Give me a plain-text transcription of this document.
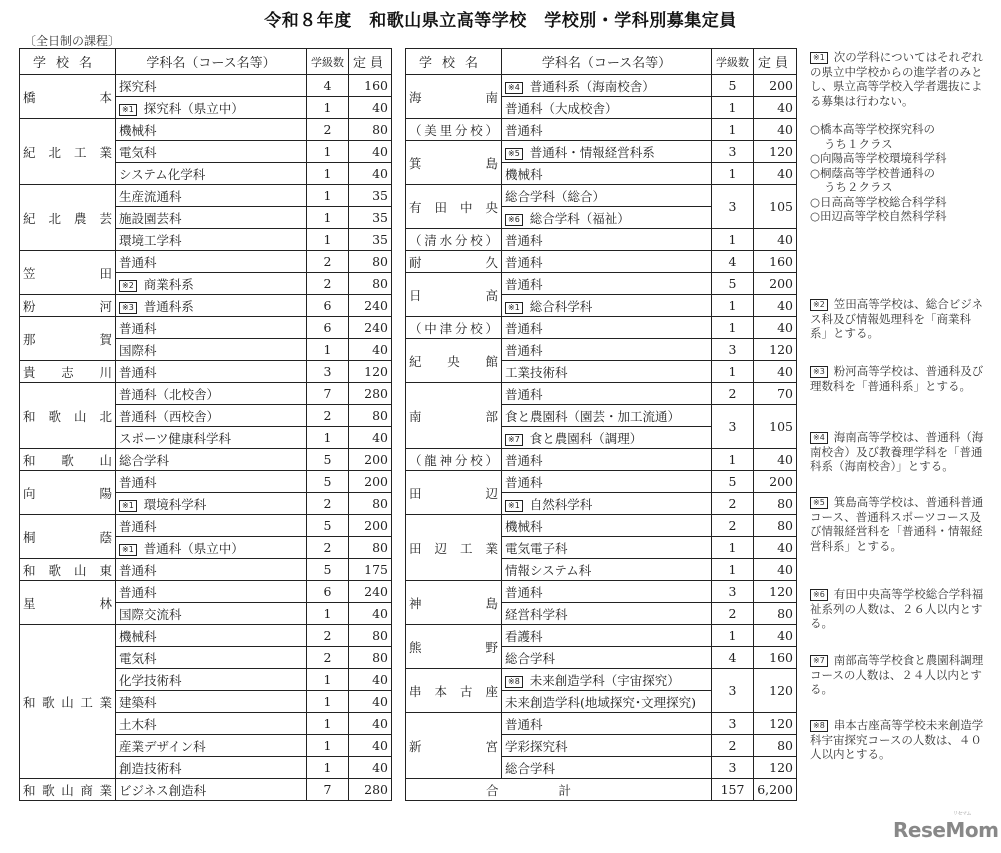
令和８年度　和歌山県立高等学校　学校別・学科別募集定員
〔全日制の課程〕
学校名	学科名（コース名等）	学級数	定員
橋本	探究科	4	160
	※1 探究科（県立中）	1	40
紀北工業	機械科	2	80
	電気科	1	40
	システム化学科	1	40
紀北農芸	生産流通科	1	35
	施設園芸科	1	35
	環境工学科	1	35
笠田	普通科	2	80
	※2 商業科系	2	80
粉河	※3 普通科系	6	240
那賀	普通科	6	240
	国際科	1	40
貴志川	普通科	3	120
和歌山北	普通科（北校舎）	7	280
	普通科（西校舎）	2	80
	スポーツ健康科学科	1	40
和歌山	総合学科	5	200
向陽	普通科	5	200
	※1 環境科学科	2	80
桐蔭	普通科	5	200
	※1 普通科（県立中）	2	80
和歌山東	普通科	5	175
星林	普通科	6	240
	国際交流科	1	40
和歌山工業	機械科	2	80
	電気科	2	80
	化学技術科	1	40
	建築科	1	40
	土木科	1	40
	産業デザイン科	1	40
	創造技術科	1	40
和歌山商業	ビジネス創造科	7	280
学校名	学科名（コース名等）	学級数	定員
海南	※4 普通科系（海南校舎）	5	200
	普通科（大成校舎）	1	40
（美里分校）	普通科	1	40
箕島	※5 普通科・情報経営科系	3	120
	機械科	1	40
有田中央	総合学科（総合）	3	105
	※6 総合学科（福祉）		
（清水分校）	普通科	1	40
耐久	普通科	4	160
日高	普通科	5	200
	※1 総合科学科	1	40
（中津分校）	普通科	1	40
紀央館	普通科	3	120
	工業技術科	1	40
南部	普通科	2	70
	食と農園科（園芸・加工流通）	3	105
	※7 食と農園科（調理）		
（龍神分校）	普通科	1	40
田辺	普通科	5	200
	※1 自然科学科	2	80
田辺工業	機械科	2	80
	電気電子科	1	40
	情報システム科	1	40
神島	普通科	3	120
	経営科学科	2	80
熊野	看護科	1	40
	総合学科	4	160
串本古座	※8 未来創造学科（宇宙探究）	3	120
	未来創造学科(地域探究･文理探究)		
新宮	普通科	3	120
	学彩探究科	2	80
	総合学科	3	120
合計		157	6,200
※1 次の学科についてはそれぞれの県立中学校からの進学者のみとし、県立高等学校入学者選抜による募集は行わない。
○橋本高等学校探究科の
うち１クラス
○向陽高等学校環境科学科
○桐蔭高等学校普通科の
うち２クラス
○日高高等学校総合科学科
○田辺高等学校自然科学科
※2 笠田高等学校は、総合ビジネス科及び情報処理科を「商業科系」とする。
※3 粉河高等学校は、普通科及び理数科を「普通科系」とする。
※4 海南高等学校は、普通科（海南校舎）及び教養理学科を「普通科系（海南校舎）」とする。
※5 箕島高等学校は、普通科普通コース、普通科スポーツコース及び情報経営科を「普通科・情報経営科系」とする。
※6 有田中央高等学校総合学科福祉系列の人数は、２６人以内とする。
※7 南部高等学校食と農園科調理コースの人数は、２４人以内とする。
※8 串本古座高等学校未来創造学科宇宙探究コースの人数は、４０人以内とする。
ReseMom
リセマム
